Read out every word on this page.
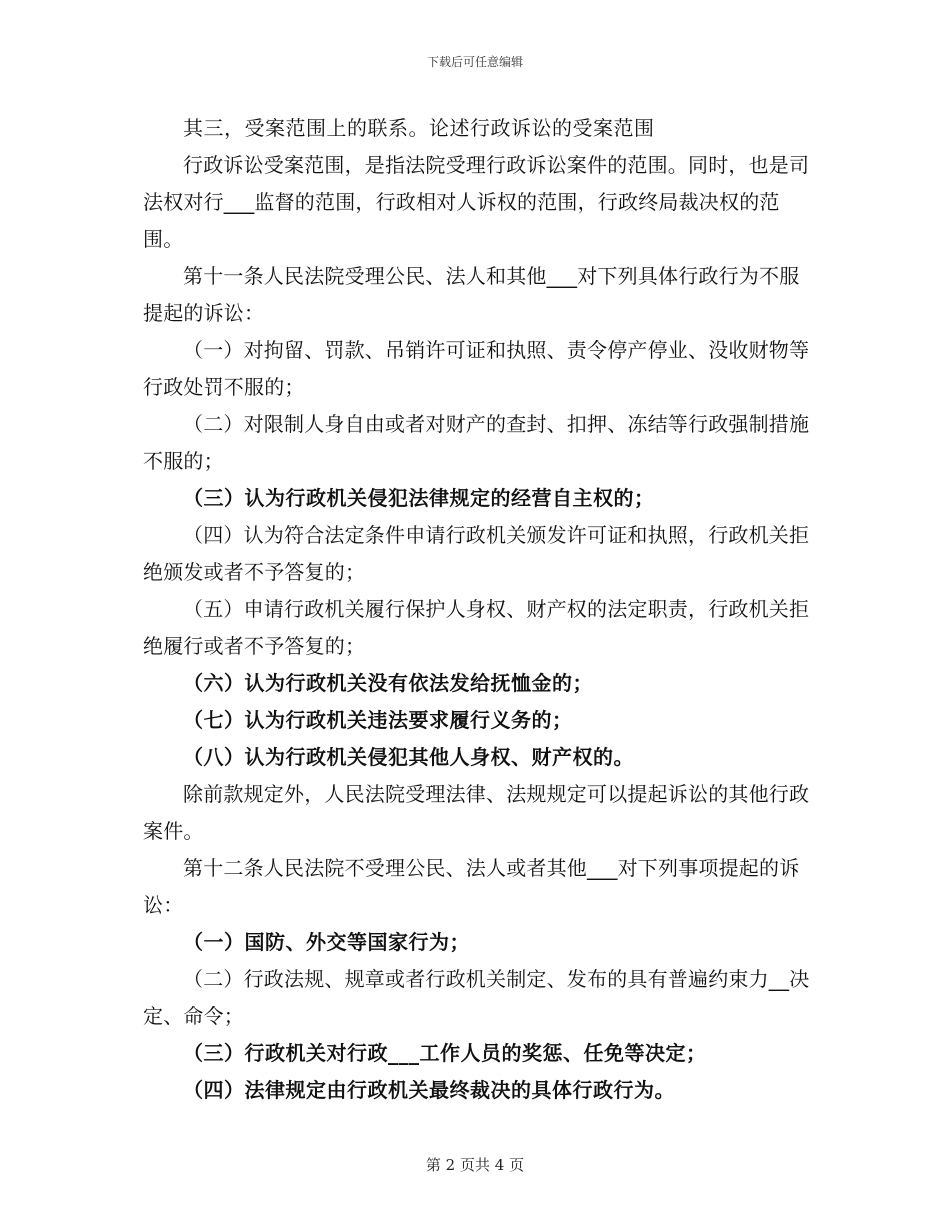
下载后可任意编辑

其三，受案范围上的联系。论述行政诉讼的受案范围

行政诉讼受案范围，是指法院受理行政诉讼案件的范围。同时，也是司法权对行___监督的范围，行政相对人诉权的范围，行政终局裁决权的范围。

第十一条人民法院受理公民、法人和其他___对下列具体行政行为不服提起的诉讼：

（一）对拘留、罚款、吊销许可证和执照、责令停产停业、没收财物等行政处罚不服的；

（二）对限制人身自由或者对财产的查封、扣押、冻结等行政强制措施不服的；

（三）认为行政机关侵犯法律规定的经营自主权的；

（四）认为符合法定条件申请行政机关颁发许可证和执照，行政机关拒绝颁发或者不予答复的；

（五）申请行政机关履行保护人身权、财产权的法定职责，行政机关拒绝履行或者不予答复的；

（六）认为行政机关没有依法发给抚恤金的；

（七）认为行政机关违法要求履行义务的；

（八）认为行政机关侵犯其他人身权、财产权的。

除前款规定外，人民法院受理法律、法规规定可以提起诉讼的其他行政案件。

第十二条人民法院不受理公民、法人或者其他___对下列事项提起的诉讼：

（一）国防、外交等国家行为；

（二）行政法规、规章或者行政机关制定、发布的具有普遍约束力__决定、命令；

（三）行政机关对行政___工作人员的奖惩、任免等决定；

（四）法律规定由行政机关最终裁决的具体行政行为。

第 2 页共 4 页
